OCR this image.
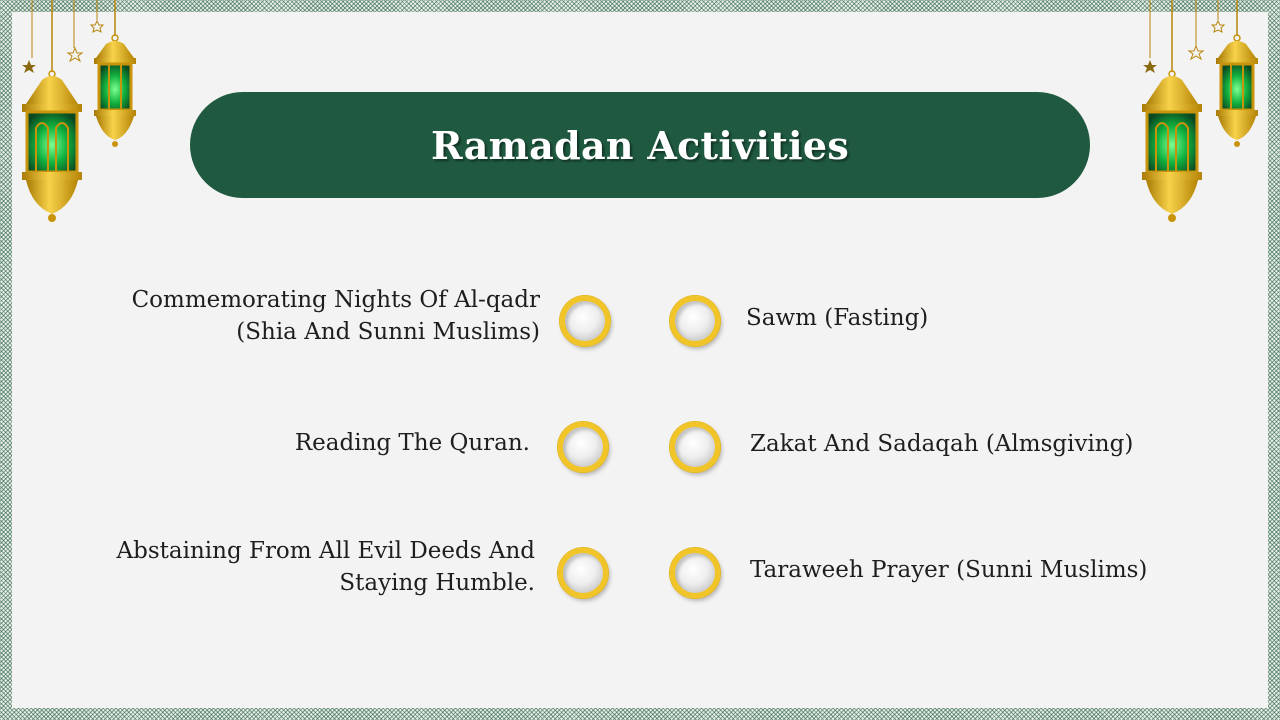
Ramadan Activities
Commemorating Nights Of Al-qadr
(Shia And Sunni Muslims)
Reading The Quran.
Abstaining From All Evil Deeds And
Staying Humble.
Sawm (Fasting)
Zakat And Sadaqah (Almsgiving)
Taraweeh Prayer (Sunni Muslims)
